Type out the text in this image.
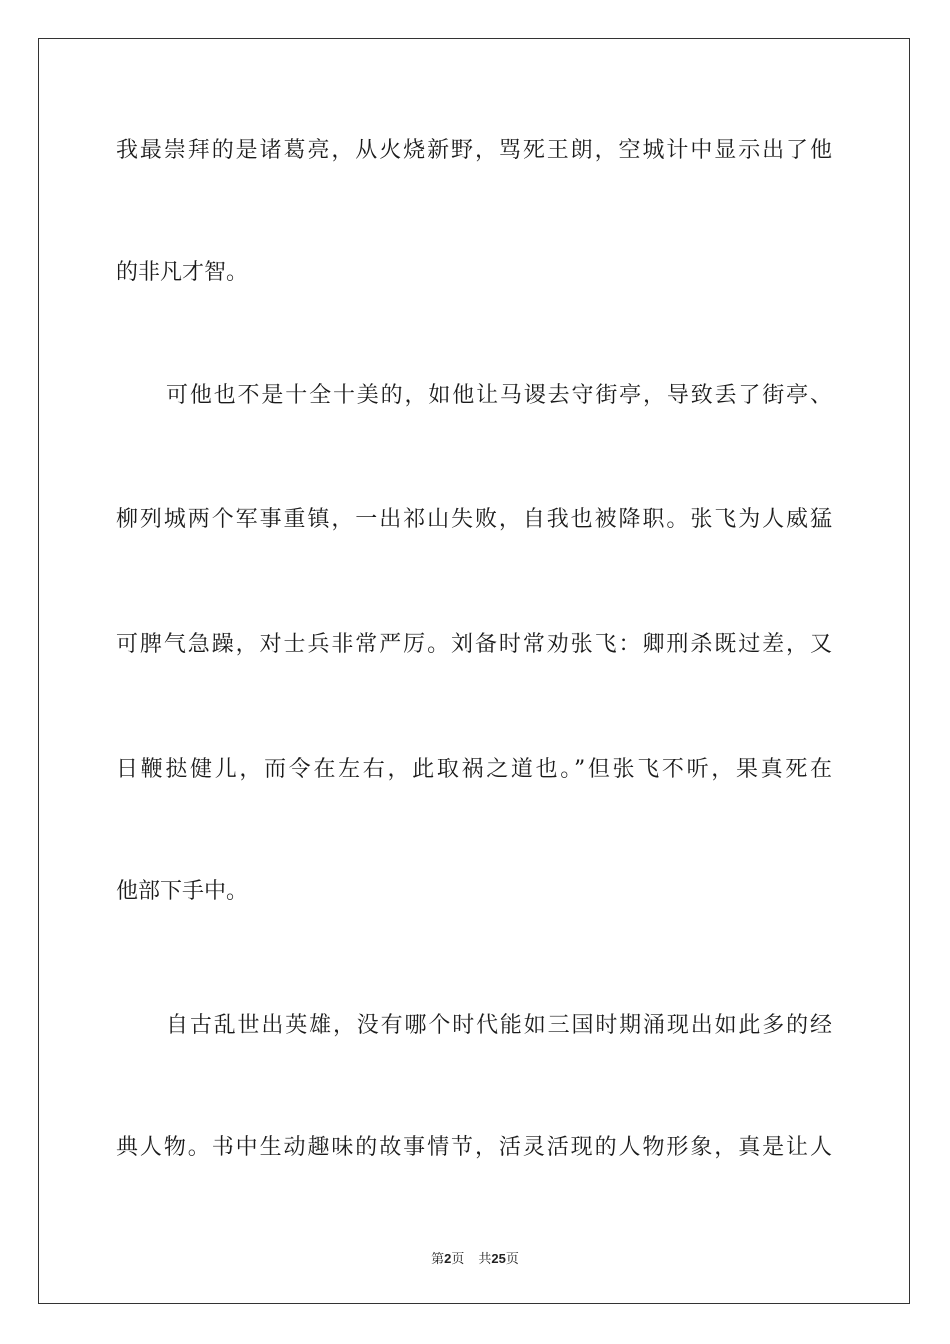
我最崇拜的是诸葛亮，从火烧新野，骂死王朗，空城计中显示出了他
的非凡才智。
可他也不是十全十美的，如他让马谡去守街亭，导致丢了街亭、
柳列城两个军事重镇，一出祁山失败，自我也被降职。张飞为人威猛
可脾气急躁，对士兵非常严厉。刘备时常劝张飞：卿刑杀既过差，又
日鞭挞健儿，而令在左右，此取祸之道也。”但张飞不听，果真死在
他部下手中。
自古乱世出英雄，没有哪个时代能如三国时期涌现出如此多的经
典人物。书中生动趣味的故事情节，活灵活现的人物形象，真是让人
第2页 共25页
